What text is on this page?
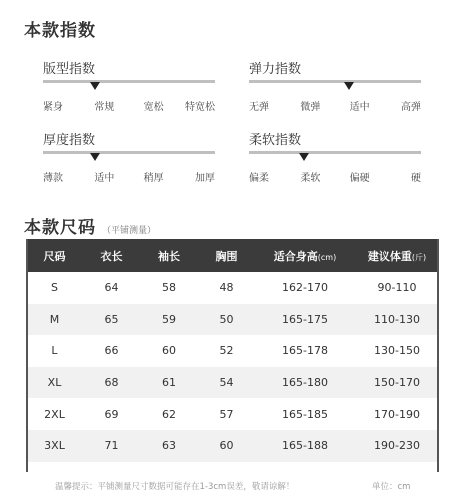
本款指数
版型指数
紧身	常规	宽松 特宽松
弹力指数
无弹	微弹	适中	高弹
厚度指数
薄款	适中	稍厚	加厚
柔软指数
偏柔	柔软	偏硬	硬
本款尺码 （平铺测量）
尺码	衣长	袖长	胸围	适合身高(cm)	建议体重(斤)
S	64	58	48	162-170	90-110
M	65	59	50	165-175	110-130
L	66	60	52	165-178	130-150
XL	68	61	54	165-180	150-170
2XL	69	62	57	165-185	170-190
3XL	71	63	60	165-188	190-230
温馨提示：平铺测量尺寸数据可能存在1-3cm误差，敬请谅解！	单位：cm
